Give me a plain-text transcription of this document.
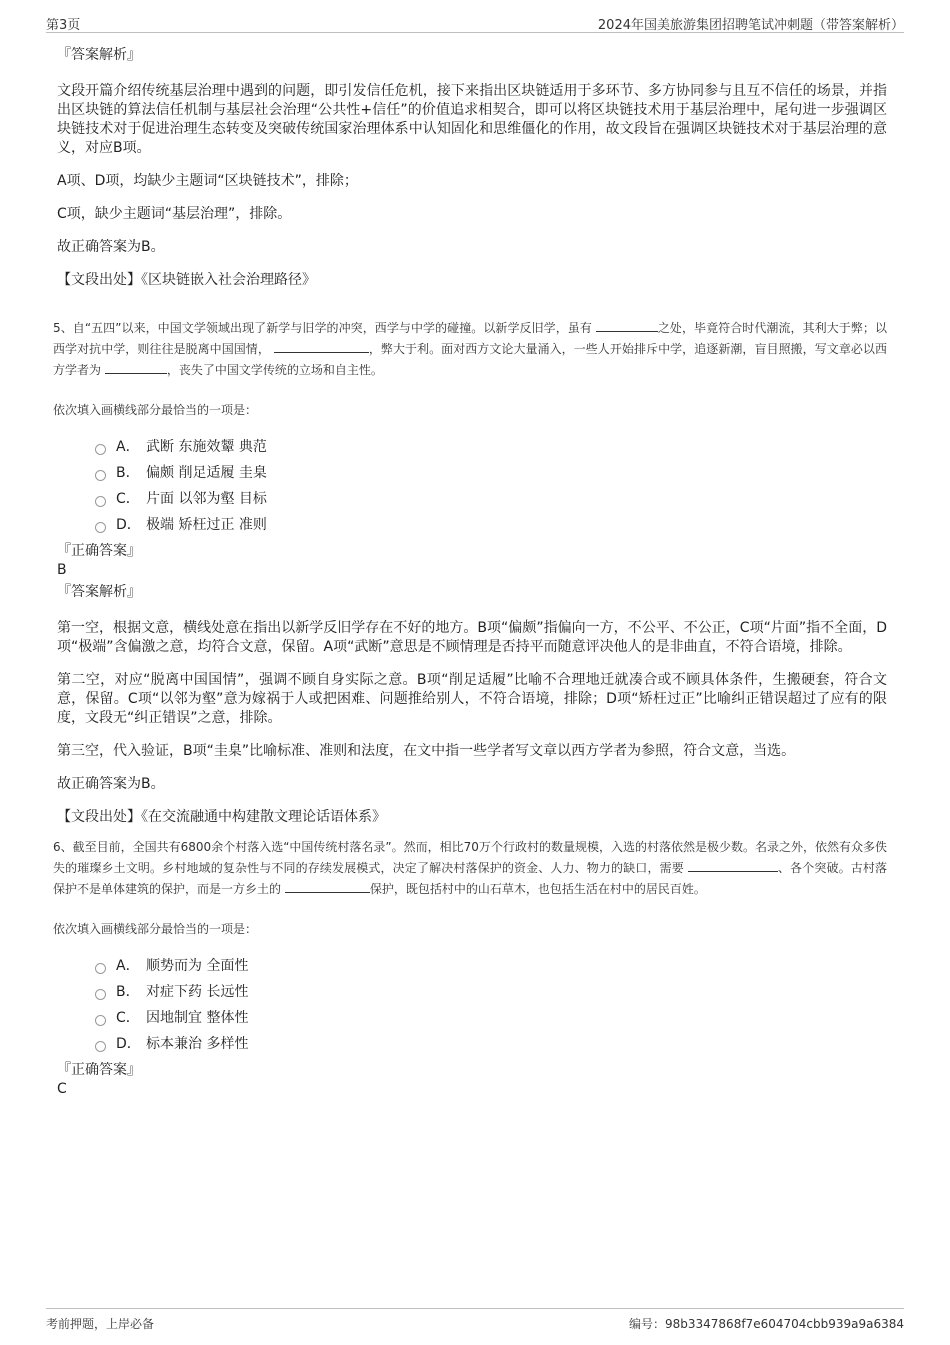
第3页	2024年国美旅游集团招聘笔试冲刺题（带答案解析）

『答案解析』

文段开篇介绍传统基层治理中遇到的问题，即引发信任危机，接下来指出区块链适用于多环节、多方协同参与且互不信任的场景，并指出区块链的算法信任机制与基层社会治理“公共性+信任”的价值追求相契合，即可以将区块链技术用于基层治理中，尾句进一步强调区块链技术对于促进治理生态转变及突破传统国家治理体系中认知固化和思维僵化的作用，故文段旨在强调区块链技术对于基层治理的意义，对应B项。

A项、D项，均缺少主题词“区块链技术”，排除；

C项，缺少主题词“基层治理”，排除。

故正确答案为B。

【文段出处】《区块链嵌入社会治理路径》

5、自“五四”以来，中国文学领域出现了新学与旧学的冲突，西学与中学的碰撞。以新学反旧学，虽有	之处，毕竟符合时代潮流，其利大于弊；以西学对抗中学，则往往是脱离中国国情，	，弊大于利。面对西方文论大量涌入，一些人开始排斥中学，追逐新潮，盲目照搬，写文章必以西方学者为	，丧失了中国文学传统的立场和自主性。

依次填入画横线部分最恰当的一项是：

A． 武断 东施效颦 典范
B． 偏颇 削足适履 圭臬
C． 片面 以邻为壑 目标
D． 极端 矫枉过正 准则

『正确答案』

B

『答案解析』

第一空，根据文意，横线处意在指出以新学反旧学存在不好的地方。B项“偏颇”指偏向一方，不公平、不公正，C项“片面”指不全面，D项“极端”含偏激之意，均符合文意，保留。A项“武断”意思是不顾情理是否持平而随意评决他人的是非曲直，不符合语境，排除。

第二空，对应“脱离中国国情”，强调不顾自身实际之意。B项“削足适履”比喻不合理地迁就凑合或不顾具体条件，生搬硬套，符合文意，保留。C项“以邻为壑”意为嫁祸于人或把困难、问题推给别人，不符合语境，排除；D项“矫枉过正”比喻纠正错误超过了应有的限度，文段无“纠正错误”之意，排除。

第三空，代入验证，B项“圭臬”比喻标准、准则和法度，在文中指一些学者写文章以西方学者为参照，符合文意，当选。

故正确答案为B。

【文段出处】《在交流融通中构建散文理论话语体系》

6、截至目前，全国共有6800余个村落入选“中国传统村落名录”。然而，相比70万个行政村的数量规模，入选的村落依然是极少数。名录之外，依然有众多佚失的璀璨乡土文明。乡村地域的复杂性与不同的存续发展模式，决定了解决村落保护的资金、人力、物力的缺口，需要	、各个突破。古村落保护不是单体建筑的保护，而是一方乡土的	保护，既包括村中的山石草木，也包括生活在村中的居民百姓。

依次填入画横线部分最恰当的一项是：

A． 顺势而为 全面性
B． 对症下药 长远性
C． 因地制宜 整体性
D． 标本兼治 多样性

『正确答案』

C

考前押题，上岸必备	编号：98b3347868f7e604704cbb939a9a6384
